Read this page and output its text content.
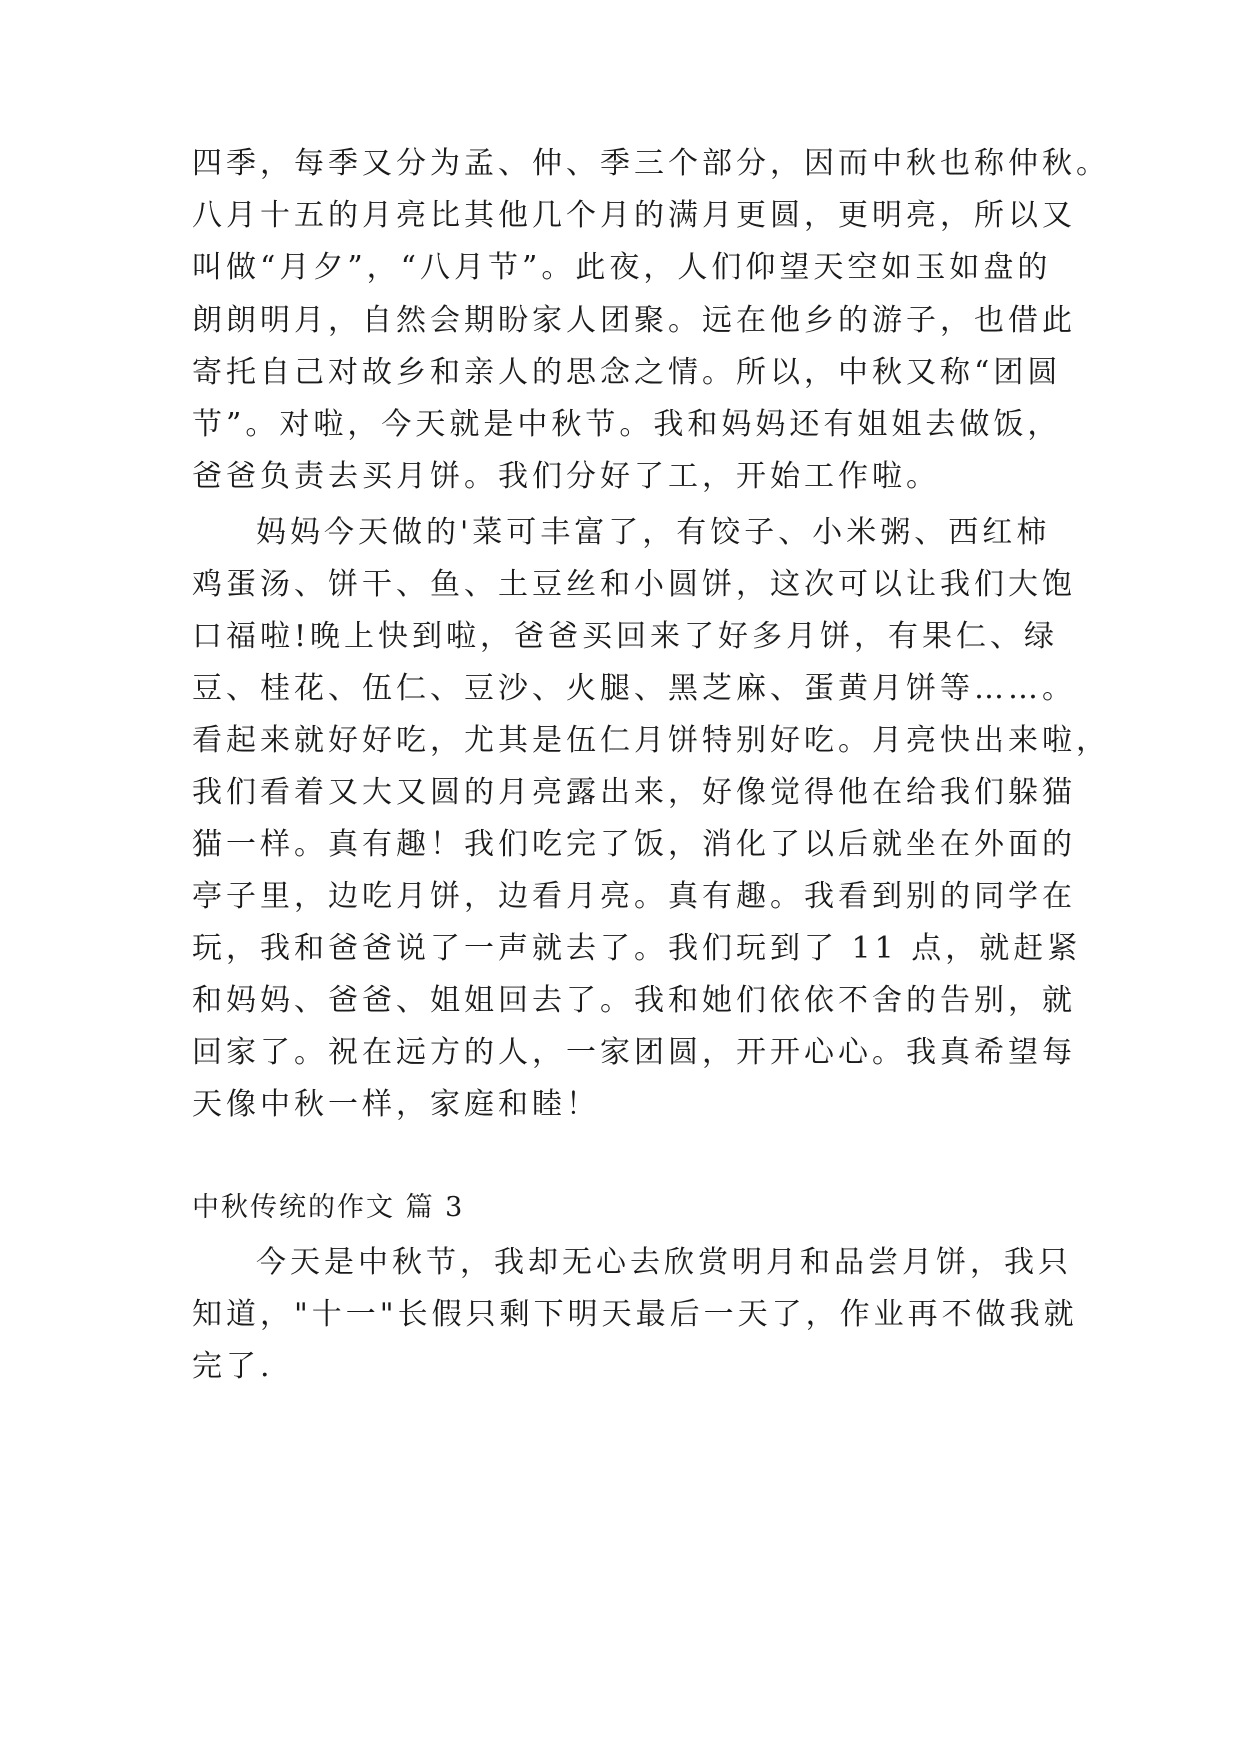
四季，每季又分为孟、仲、季三个部分，因而中秋也称仲秋。
八月十五的月亮比其他几个月的满月更圆，更明亮，所以又
叫做“月夕”，“八月节”。此夜，人们仰望天空如玉如盘的
朗朗明月，自然会期盼家人团聚。远在他乡的游子，也借此
寄托自己对故乡和亲人的思念之情。所以，中秋又称“团圆
节”。对啦，今天就是中秋节。我和妈妈还有姐姐去做饭，
爸爸负责去买月饼。我们分好了工，开始工作啦。
妈妈今天做的'菜可丰富了，有饺子、小米粥、西红柿
鸡蛋汤、饼干、鱼、土豆丝和小圆饼，这次可以让我们大饱
口福啦!晚上快到啦，爸爸买回来了好多月饼，有果仁、绿
豆、桂花、伍仁、豆沙、火腿、黑芝麻、蛋黄月饼等……。
看起来就好好吃，尤其是伍仁月饼特别好吃。月亮快出来啦，
我们看着又大又圆的月亮露出来，好像觉得他在给我们躲猫
猫一样。真有趣！我们吃完了饭，消化了以后就坐在外面的
亭子里，边吃月饼，边看月亮。真有趣。我看到别的同学在
玩，我和爸爸说了一声就去了。我们玩到了 11 点，就赶紧
和妈妈、爸爸、姐姐回去了。我和她们依依不舍的告别，就
回家了。祝在远方的人，一家团圆，开开心心。我真希望每
天像中秋一样，家庭和睦！
中秋传统的作文 篇 3
今天是中秋节，我却无心去欣赏明月和品尝月饼，我只
知道，"十一"长假只剩下明天最后一天了，作业再不做我就
完了.
